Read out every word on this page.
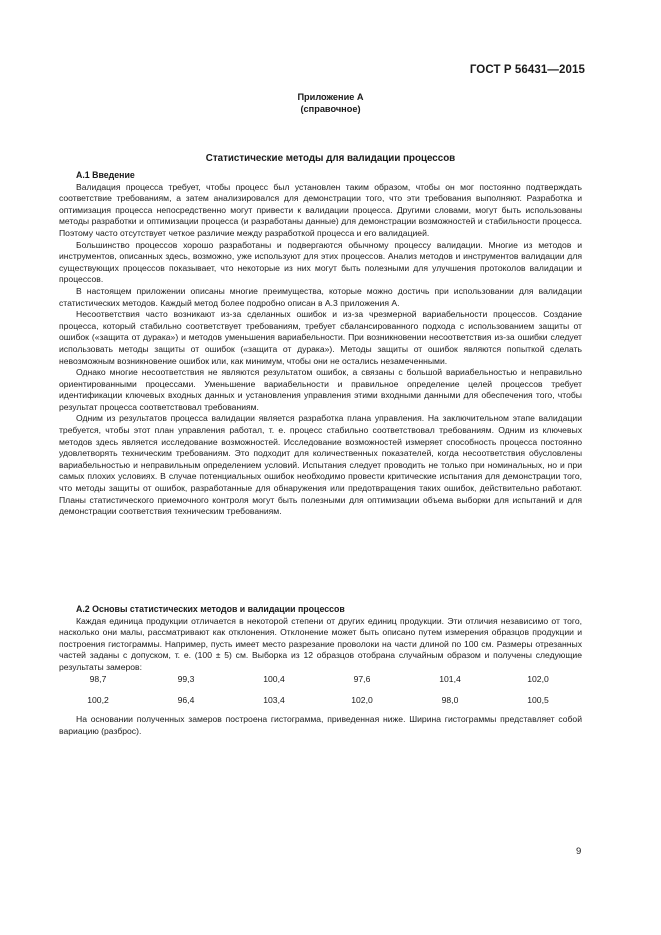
ГОСТ Р 56431—2015
Приложение А
(справочное)
Статистические методы для валидации процессов
А.1 Введение

Валидация процесса требует, чтобы процесс был установлен таким образом, чтобы он мог постоянно подтверждать соответствие требованиям, а затем анализировался для демонстрации того, что эти требования выполняют. Разработка и оптимизация процесса непосредственно могут привести к валидации процесса. Другими словами, могут быть использованы методы разработки и оптимизации процесса (и разработаны данные) для демонстрации возможностей и стабильности процесса. Поэтому часто отсутствует четкое различие между разработкой процесса и его валидацией.

Большинство процессов хорошо разработаны и подвергаются обычному процессу валидации. Многие из методов и инструментов, описанных здесь, возможно, уже используют для этих процессов. Анализ методов и инструментов валидации для существующих процессов показывает, что некоторые из них могут быть полезными для улучшения протоколов валидации и процессов.

В настоящем приложении описаны многие преимущества, которые можно достичь при использовании для валидации статистических методов. Каждый метод более подробно описан в А.3 приложения А.

Несоответствия часто возникают из-за сделанных ошибок и из-за чрезмерной вариабельности процессов. Создание процесса, который стабильно соответствует требованиям, требует сбалансированного подхода с использованием защиты от ошибок («защита от дурака») и методов уменьшения вариабельности. При возникновении несоответствия из-за ошибки следует использовать методы защиты от ошибок («защита от дурака»). Методы защиты от ошибок являются попыткой сделать невозможным возникновение ошибок или, как минимум, чтобы они не остались незамеченными.

Однако многие несоответствия не являются результатом ошибок, а связаны с большой вариабельностью и неправильно ориентированными процессами. Уменьшение вариабельности и правильное определение целей процессов требует идентификации ключевых входных данных и установления управления этими входными данными для обеспечения того, чтобы результат процесса соответствовал требованиям.

Одним из результатов процесса валидации является разработка плана управления. На заключительном этапе валидации требуется, чтобы этот план управления работал, т. е. процесс стабильно соответствовал требованиям. Одним из ключевых методов здесь является исследование возможностей. Исследование возможностей измеряет способность процесса постоянно удовлетворять техническим требованиям. Это подходит для количественных показателей, когда несоответствия обусловлены вариабельностью и неправильным определением условий. Испытания следует проводить не только при номинальных, но и при самых плохих условиях. В случае потенциальных ошибок необходимо провести критические испытания для демонстрации того, что методы защиты от ошибок, разработанные для обнаружения или предотвращения таких ошибок, действительно работают. Планы статистического приемочного контроля могут быть полезными для оптимизации объема выборки для испытаний и для демонстрации соответствия техническим требованиям.

А.2 Основы статистических методов и валидации процессов

Каждая единица продукции отличается в некоторой степени от других единиц продукции. Эти отличия независимо от того, насколько они малы, рассматривают как отклонения. Отклонение может быть описано путем измерения образцов продукции и построения гистограммы. Например, пусть имеет место разрезание проволоки на части длиной по 100 см. Размеры отрезанных частей заданы с допуском, т. е. (100 ± 5) см. Выборка из 12 образцов отобрана случайным образом и получены следующие результаты замеров:

98,7	99,3	100,4	97,6	101,4	102,0
100,2	96,4	103,4	102,0	98,0	100,5

На основании полученных замеров построена гистограмма, приведенная ниже. Ширина гистограммы представляет собой вариацию (разброс).

9
